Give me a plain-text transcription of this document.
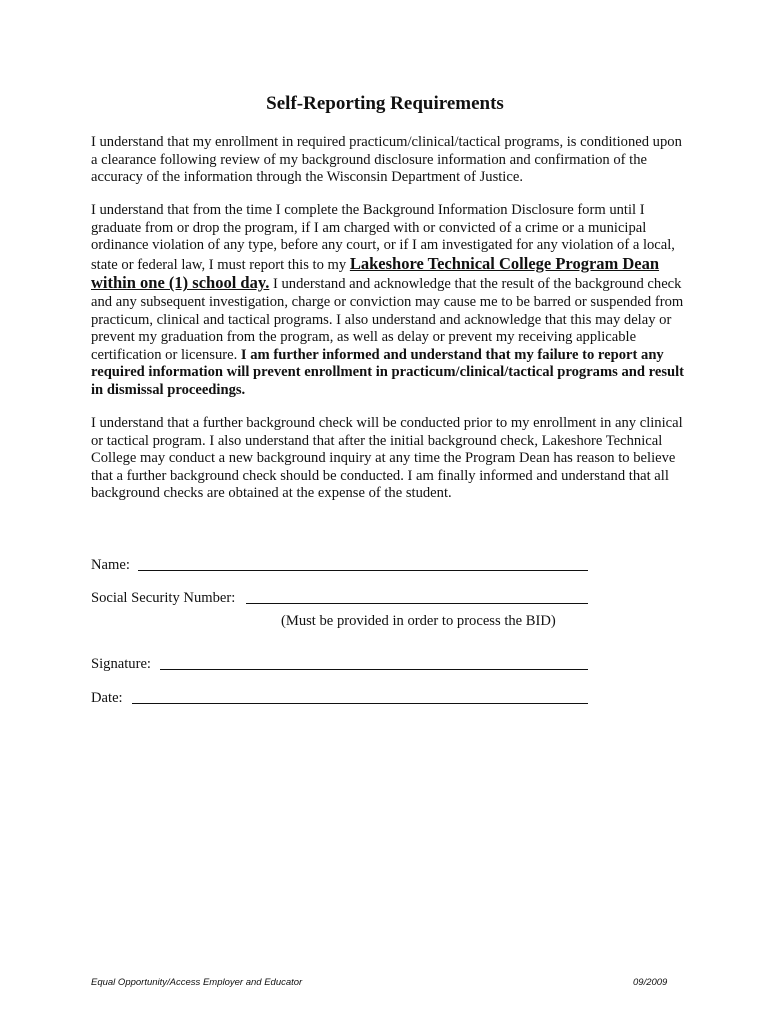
Self-Reporting Requirements

I understand that my enrollment in required practicum/clinical/tactical programs, is conditioned upon a clearance following review of my background disclosure information and confirmation of the accuracy of the information through the Wisconsin Department of Justice.

I understand that from the time I complete the Background Information Disclosure form until I graduate from or drop the program, if I am charged with or convicted of a crime or a municipal ordinance violation of any type, before any court, or if I am investigated for any violation of a local, state or federal law, I must report this to my Lakeshore Technical College Program Dean within one (1) school day. I understand and acknowledge that the result of the background check and any subsequent investigation, charge or conviction may cause me to be barred or suspended from practicum, clinical and tactical programs. I also understand and acknowledge that this may delay or prevent my graduation from the program, as well as delay or prevent my receiving applicable certification or licensure. I am further informed and understand that my failure to report any required information will prevent enrollment in practicum/clinical/tactical programs and result in dismissal proceedings.

I understand that a further background check will be conducted prior to my enrollment in any clinical or tactical program. I also understand that after the initial background check, Lakeshore Technical College may conduct a new background inquiry at any time the Program Dean has reason to believe that a further background check should be conducted. I am finally informed and understand that all background checks are obtained at the expense of the student.

Name:
Social Security Number:
(Must be provided in order to process the BID)
Signature:
Date:
Equal Opportunity/Access Employer and Educator	09/2009
